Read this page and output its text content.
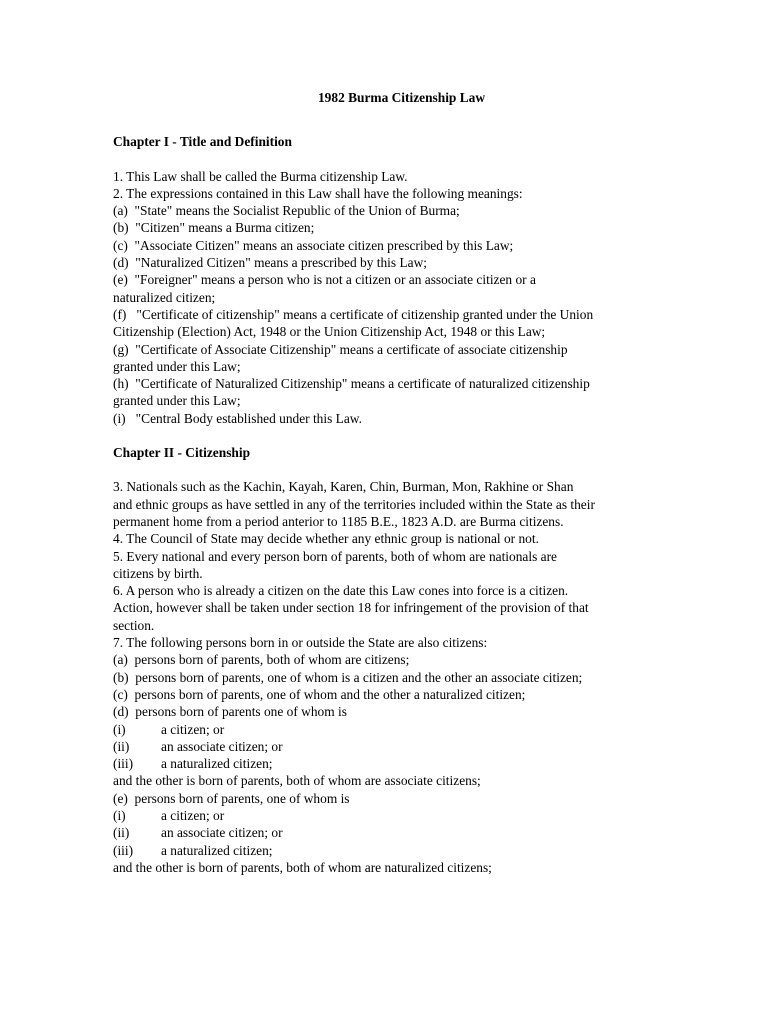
1982 Burma Citizenship Law
Chapter I - Title and Definition
1. This Law shall be called the Burma citizenship Law.
2. The expressions contained in this Law shall have the following meanings:
(a)  "State" means the Socialist Republic of the Union of Burma;
(b)  "Citizen" means a Burma citizen;
(c)  "Associate Citizen" means an associate citizen prescribed by this Law;
(d)  "Naturalized Citizen" means a prescribed by this Law;
(e)  "Foreigner" means a person who is not a citizen or an associate citizen or a
naturalized citizen;
(f)   "Certificate of citizenship" means a certificate of citizenship granted under the Union
Citizenship (Election) Act, 1948 or the Union Citizenship Act, 1948 or this Law;
(g)  "Certificate of Associate Citizenship" means a certificate of associate citizenship
granted under this Law;
(h)  "Certificate of Naturalized Citizenship" means a certificate of naturalized citizenship
granted under this Law;
(i)   "Central Body established under this Law.
Chapter II - Citizenship
3. Nationals such as the Kachin, Kayah, Karen, Chin, Burman, Mon, Rakhine or Shan
and ethnic groups as have settled in any of the territories included within the State as their
permanent home from a period anterior to 1185 B.E., 1823 A.D. are Burma citizens.
4. The Council of State may decide whether any ethnic group is national or not.
5. Every national and every person born of parents, both of whom are nationals are
citizens by birth.
6. A person who is already a citizen on the date this Law cones into force is a citizen.
Action, however shall be taken under section 18 for infringement of the provision of that
section.
7. The following persons born in or outside the State are also citizens:
(a)  persons born of parents, both of whom are citizens;
(b)  persons born of parents, one of whom is a citizen and the other an associate citizen;
(c)  persons born of parents, one of whom and the other a naturalized citizen;
(d)  persons born of parents one of whom is
(i)	a citizen; or
(ii)	an associate citizen; or
(iii)	a naturalized citizen;
and the other is born of parents, both of whom are associate citizens;
(e)  persons born of parents, one of whom is
(i)	a citizen; or
(ii)	an associate citizen; or
(iii)	a naturalized citizen;
and the other is born of parents, both of whom are naturalized citizens;
